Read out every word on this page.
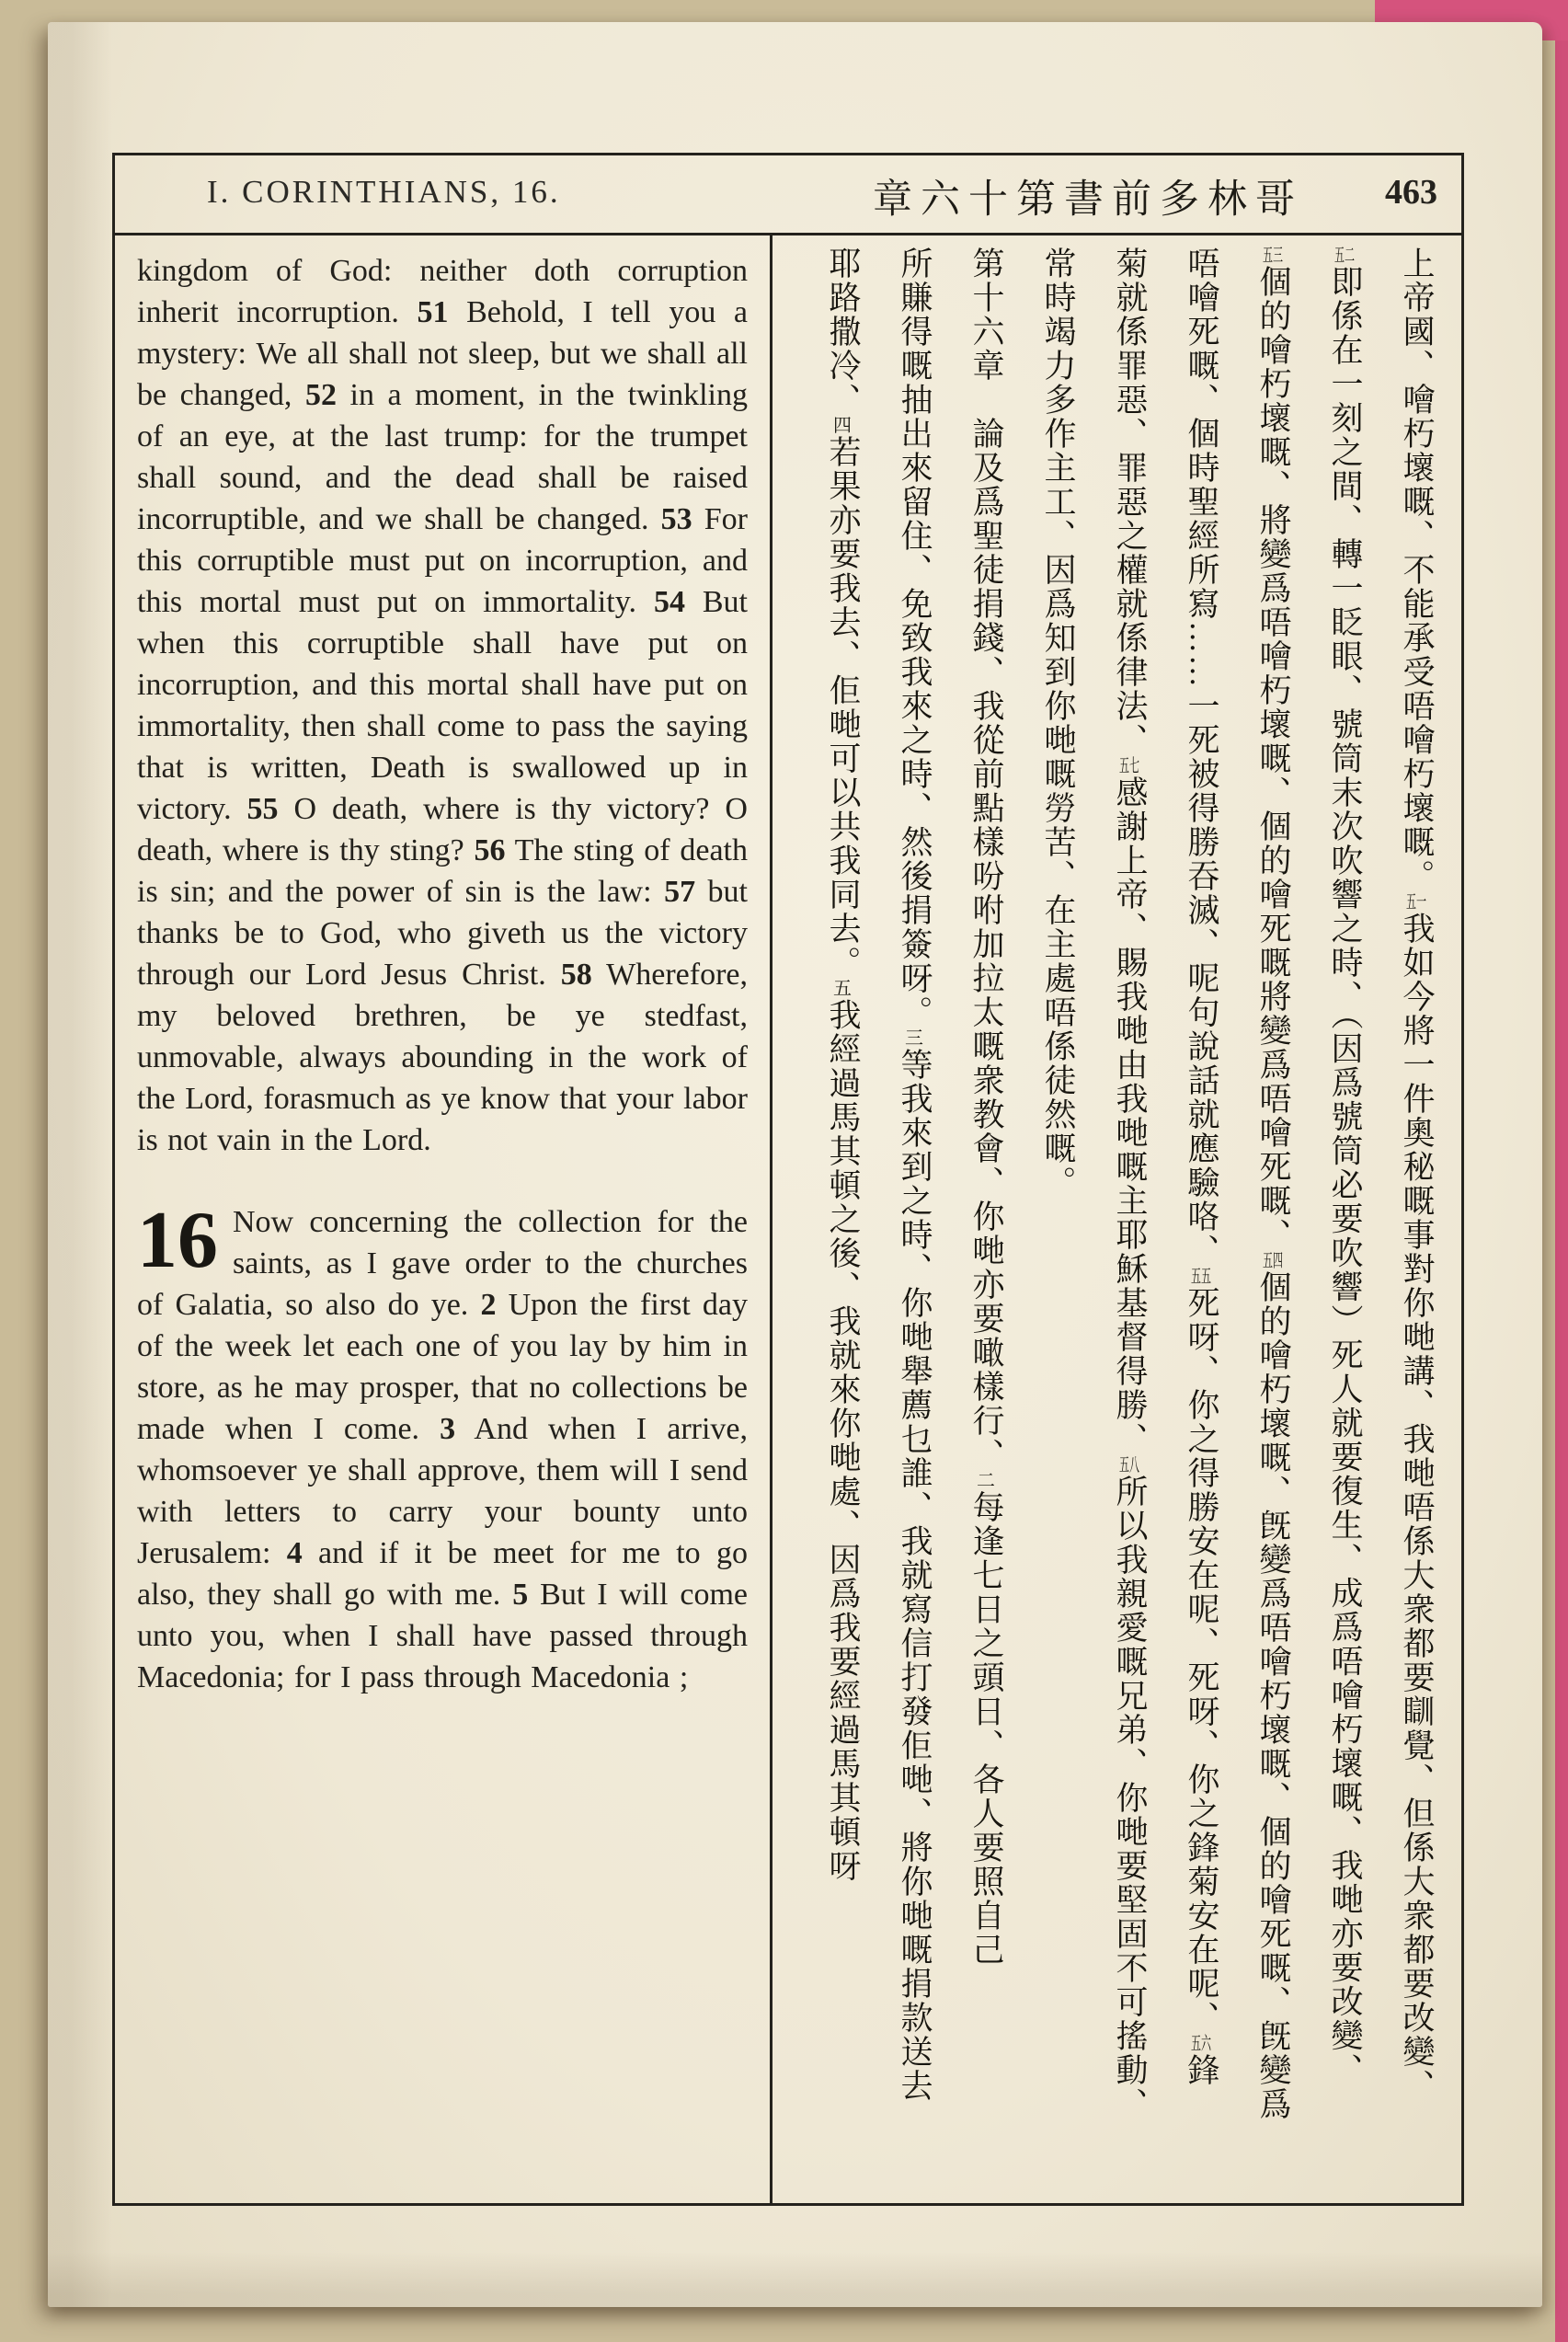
I. CORINTHIANS, 16.	章六十第書前多林哥 463

kingdom of God: neither doth corruption inherit incorruption. 51 Behold, I tell you a mystery: We all shall not sleep, but we shall all be changed, 52 in a moment, in the twinkling of an eye, at the last trump: for the trumpet shall sound, and the dead shall be raised incorruptible, and we shall be changed. 53 For this corruptible must put on incorruption, and this mortal must put on immortality. 54 But when this corruptible shall have put on incorruption, and this mortal shall have put on immortality, then shall come to pass the saying that is written, Death is swallowed up in victory. 55 O death, where is thy victory? O death, where is thy sting? 56 The sting of death is sin; and the power of sin is the law: 57 but thanks be to God, who giveth us the victory through our Lord Jesus Christ. 58 Wherefore, my beloved brethren, be ye stedfast, unmovable, always abounding in the work of the Lord, forasmuch as ye know that your labor is not vain in the Lord.

16 Now concerning the collection for the saints, as I gave order to the churches of Galatia, so also do ye. 2 Upon the first day of the week let each one of you lay by him in store, as he may prosper, that no collections be made when I come. 3 And when I arrive, whomsoever ye shall approve, them will I send with letters to carry your bounty unto Jerusalem: 4 and if it be meet for me to go also, they shall go with me. 5 But I will come unto you, when I shall have passed through Macedonia; for I pass through Macedonia ;

上帝國、噲朽壞嘅、不能承受唔噲朽壞嘅。五一我如今將一件奧秘嘅事對你哋講、我哋唔係大衆都要瞓覺、但係大衆都要改變、
五二即係在一刻之間、轉一眨眼、號筒末次吹響之時、（因爲號筒必要吹響）死人就要復生、成爲唔噲朽壞嘅、我哋亦要改變、
五三個的噲朽壞嘅、將變爲唔噲朽壞嘅、個的噲死嘅將變爲唔噲死嘅、五四個的噲朽壞嘅、旣變爲唔噲朽壞嘅、個的噲死嘅、旣變爲
唔噲死嘅、個時聖經所寫……一死被得勝吞滅、呢句說話就應驗咯、五五死呀、你之得勝安在呢、死呀、你之鋒菊安在呢、五六鋒
菊就係罪惡、罪惡之權就係律法、五七感謝上帝、賜我哋由我哋嘅主耶穌基督得勝、五八所以我親愛嘅兄弟、你哋要堅固不可搖動、
常時竭力多作主工、因爲知到你哋嘅勞苦、在主處唔係徒然嘅。
第十六章　論及爲聖徒捐錢、我從前點樣吩咐加拉太嘅衆教會、你哋亦要噉樣行、二每逢七日之頭日、各人要照自己
所賺得嘅抽出來留住、免致我來之時、然後捐簽呀。三等我來到之時、你哋舉薦乜誰、我就寫信打發佢哋、將你哋嘅捐款送去
耶路撒冷、四若果亦要我去、佢哋可以共我同去。五我經過馬其頓之後、我就來你哋處、因爲我要經過馬其頓呀
